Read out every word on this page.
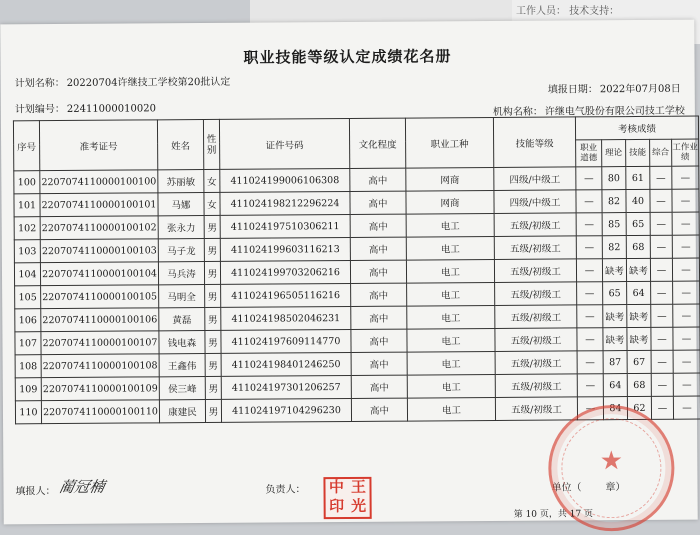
工作人员： 技术支持：
职业技能等级认定成绩花名册
计划名称： 20220704许继技工学校第20批认定
填报日期： 2022年07月08日
计划编号： 22411000010020	机构名称： 许继电气股份有限公司技工学校
序号	准考证号	姓名	性别	证件号码	文化程度	职业工种	技能等级	考核成绩				
								职业道德	理论	技能	综合	工作业绩
100	2207074110000100100	苏丽敏	女	411024199006106308	高中	网商	四级/中级工	—	80	61	—	—
101	2207074110000100101	马娜	女	411024198212296224	高中	网商	四级/中级工	—	82	40	—	—
102	2207074110000100102	张永力	男	411024197510306211	高中	电工	五级/初级工	—	85	65	—	—
103	2207074110000100103	马子龙	男	411024199603116213	高中	电工	五级/初级工	—	82	68	—	—
104	2207074110000100104	马兵涛	男	411024199703206216	高中	电工	五级/初级工	—	缺考	缺考	—	—
105	2207074110000100105	马明全	男	411024196505116216	高中	电工	五级/初级工	—	65	64	—	—
106	2207074110000100106	黄磊	男	411024198502046231	高中	电工	五级/初级工	—	缺考	缺考	—	—
107	2207074110000100107	钱电森	男	411024197609114770	高中	电工	五级/初级工	—	缺考	缺考	—	—
108	2207074110000100108	王鑫伟	男	411024198401246250	高中	电工	五级/初级工	—	87	67	—	—
109	2207074110000100109	侯三峰	男	411024197301206257	高中	电工	五级/初级工	—	64	68	—	—
110	2207074110000100110	康建民	男	411024197104296230	高中	电工	五级/初级工	—	84	62	—	—
填报人： 蔺冠楠	负责人： 中 王
印 光
单位（ 章）
★
第 10 页，共 17 页
